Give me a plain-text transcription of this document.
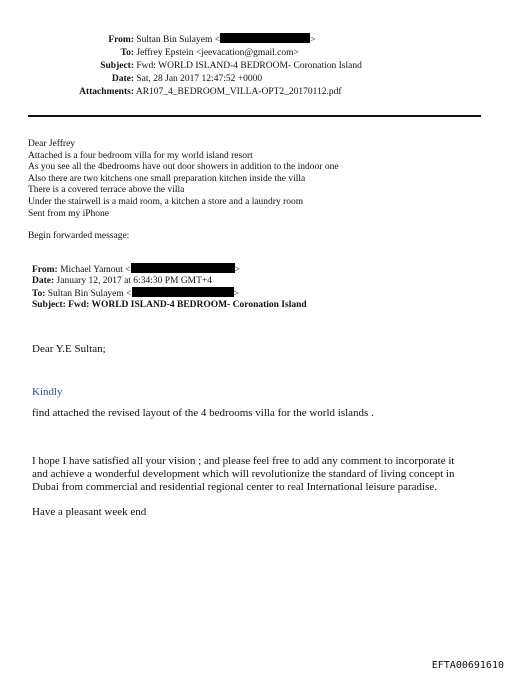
From: Sultan Bin Sulayem <	>
To: Jeffrey Epstein <jeevacation@gmail.com>
Subject: Fwd: WORLD ISLAND-4 BEDROOM- Coronation Island
Date: Sat, 28 Jan 2017 12:47:52 +0000
Attachments: AR107_4_BEDROOM_VILLA-OPT2_20170112.pdf
Dear Jeffrey
Attached is a four bedroom villa for my world island resort
As you see all the 4bedrooms have out door showers in addition to the indoor one
Also there are two kitchens one small preparation kitchen inside the villa
There is a covered terrace above the villa
Under the stairwell is a maid room, a kitchen a store and a laundry room
Sent from my iPhone
Begin forwarded message:
From: Michael Yamout <	>
Date: January 12, 2017 at 6:34:30 PM GMT+4
To: Sultan Bin Sulayem <	>
Subject: Fwd: WORLD ISLAND-4 BEDROOM- Coronation Island
Dear Y.E Sultan;
Kindly
find attached the revised layout of the 4 bedrooms villa for the world islands .
I hope I have satisfied all your vision ; and please feel free to add any comment to incorporate it
and achieve a wonderful development which will revolutionize the standard of living concept in
Dubai from commercial and residential regional center to real International leisure paradise.
Have a pleasant week end
EFTA00691610
